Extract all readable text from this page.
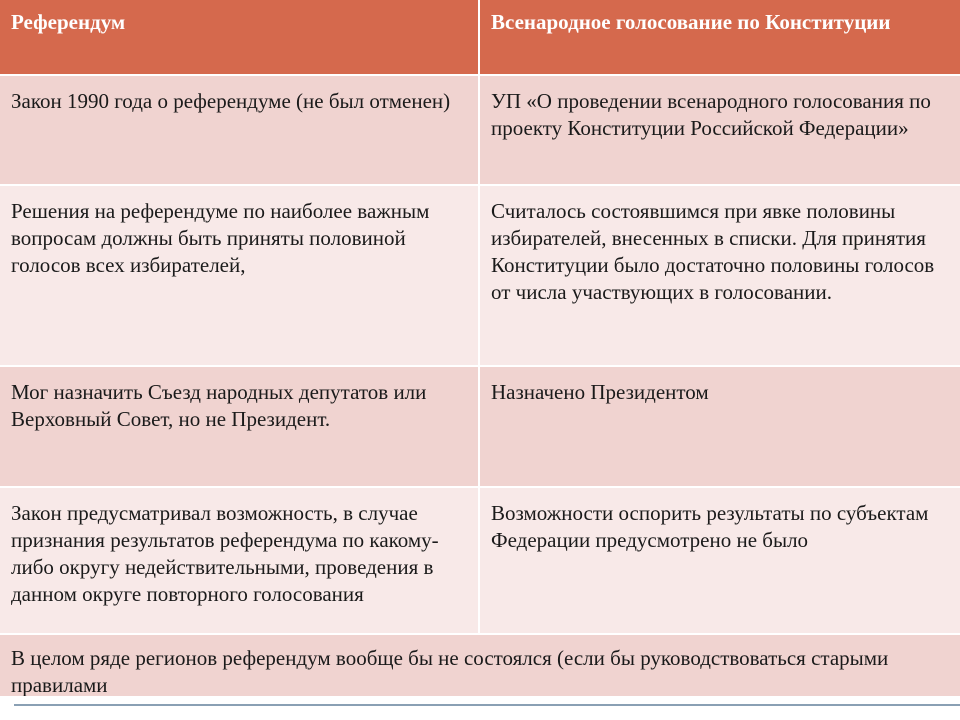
Референдум	Всенародное голосование по Конституции
Закон 1990 года о референдуме (не был отменен)	УП «О проведении всенародного голосования по проекту Конституции Российской Федерации»
Решения на референдуме по наиболее важным вопросам должны быть приняты половиной голосов всех избирателей,
Считалось состоявшимся при явке половины избирателей, внесенных в списки. Для принятия Конституции было достаточно половины голосов от числа участвующих в голосовании.
Мог назначить Съезд народных депутатов или Верховный Совет, но не Президент.
Назначено Президентом
Закон предусматривал возможность, в случае признания результатов референдума по какому-либо округу недействительными, проведения в данном округе повторного голосования
Возможности оспорить результаты по субъектам Федерации предусмотрено не было
В целом ряде регионов референдум вообще бы не состоялся (если бы руководствоваться старыми правилами
